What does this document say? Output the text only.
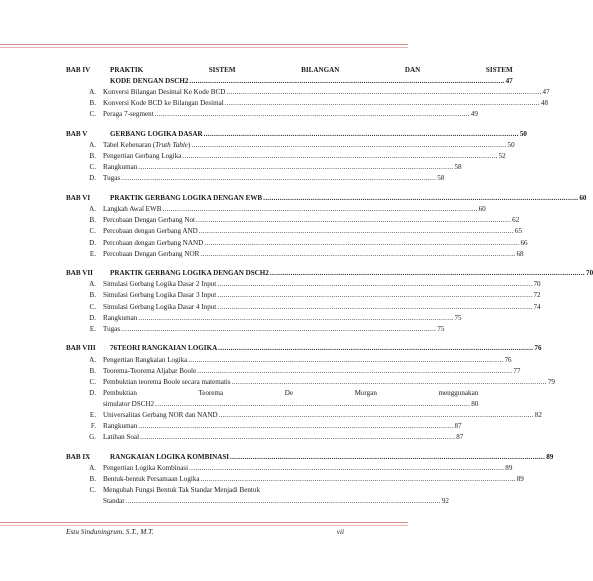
BAB IV	PRAKTIK SISTEM BILANGAN DAN SISTEM
KODE DENGAN DSCH2 .....	47
A. Konversi Bilangan Desimal Ke Kode BCD .....	47
B. Konversi Kode BCD ke Bilangan Desimal .....	48
C. Peraga 7-segment .....	49
BAB V	GERBANG LOGIKA DASAR .....	50
A. Tabel Kebenaran (Truth Table) .....	50
B. Pengertian Gerbang Logika .....	52
C. Rangkuman .....	58
D. Tugas .....	58
BAB VI	PRAKTIK GERBANG LOGIKA DENGAN EWB .....	60
A. Langkah Awal EWB .....	60
B. Percobaan Dengan Gerbang Not .....	62
C. Percobaan dengan Gerbang AND .....	65
D. Percobaan dengan Gerbang NAND .....	66
E. Percobaan Dengan Gerbang NOR .....	68
BAB VII	PRAKTIK GERBANG LOGIKA DENGAN DSCH2 .....	70
A. Simulasi Gerbang Logika Dasar 2 Input .....	70
B. Simulasi Gerbang Logika Dasar 3 Input .....	72
C. Simulasi Gerbang Logika Dasar 4 Input .....	74
D. Rangkuman .....	75
E. Tugas .....	75
BAB VIII	76TEORI RANGKAIAN LOGIKA .....	76
A. Pengertian Rangkaian Logika .....	76
B. Teorema-Teorema Aljabar Boole .....	77
C. Pembuktian teorema Boole secara matematis .....	79
D. Pembuktian Teorema De Morgan menggunakan
simulator DSCH2 .....	80
E. Universalitas Gerbang NOR dan NAND .....	82
F. Rangkuman .....	87
G. Latihan Soal .....	87
BAB IX	RANGKAIAN LOGIKA KOMBINASI .....	89
A. Pengertian Logika Kombinasi .....	89
B. Bentuk-bentuk Persamaan Logika .....	89
C. Mengubah Fungsi Bentuk Tak Standar Menjadi Bentuk
Standar .....	92
Estu Sinduningrum, S.T., M.T.	vii
